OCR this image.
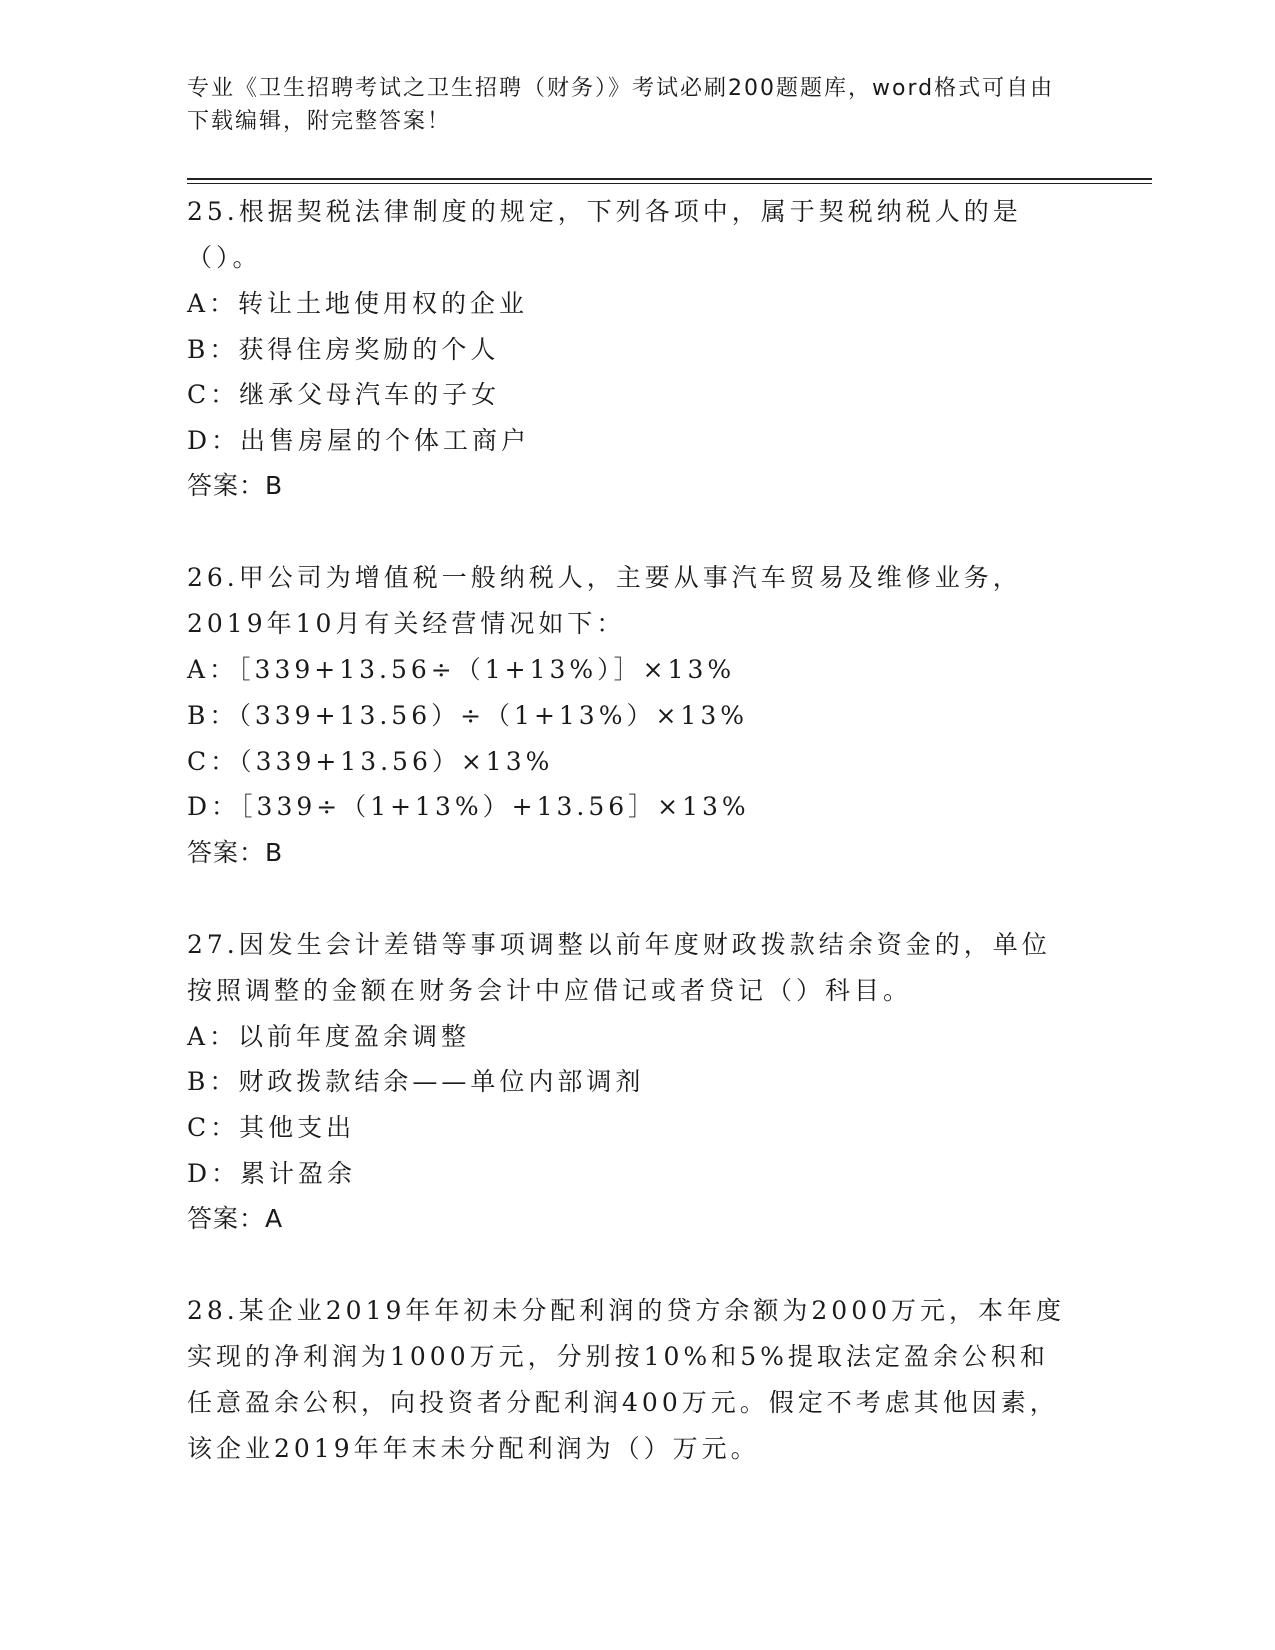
专业《卫生招聘考试之卫生招聘（财务）》考试必刷200题题库，word格式可自由下载编辑，附完整答案！
25.根据契税法律制度的规定，下列各项中，属于契税纳税人的是（）。
A：转让土地使用权的企业
B：获得住房奖励的个人
C：继承父母汽车的子女
D：出售房屋的个体工商户
答案：B
26.甲公司为增值税一般纳税人，主要从事汽车贸易及维修业务，2019年10月有关经营情况如下：
A：［339+13.56÷（1+13%）］×13%
B：（339+13.56）÷（1+13%）×13%
C：（339+13.56）×13%
D：［339÷（1+13%）+13.56］×13%
答案：B
27.因发生会计差错等事项调整以前年度财政拨款结余资金的，单位按照调整的金额在财务会计中应借记或者贷记（）科目。
A：以前年度盈余调整
B：财政拨款结余——单位内部调剂
C：其他支出
D：累计盈余
答案：A
28.某企业2019年年初未分配利润的贷方余额为2000万元，本年度实现的净利润为1000万元，分别按10%和5%提取法定盈余公积和任意盈余公积，向投资者分配利润400万元。假定不考虑其他因素，该企业2019年年末未分配利润为（）万元。
